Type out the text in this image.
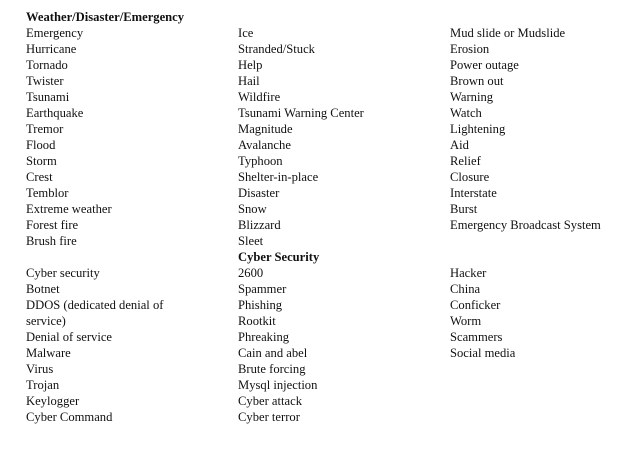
Weather/Disaster/Emergency
Emergency
Hurricane
Tornado
Twister
Tsunami
Earthquake
Tremor
Flood
Storm
Crest
Temblor
Extreme weather
Forest fire
Brush fire
Ice
Stranded/Stuck
Help
Hail
Wildfire
Tsunami Warning Center
Magnitude
Avalanche
Typhoon
Shelter-in-place
Disaster
Snow
Blizzard
Sleet
Mud slide or Mudslide
Erosion
Power outage
Brown out
Warning
Watch
Lightening
Aid
Relief
Closure
Interstate
Burst
Emergency Broadcast System
Cyber Security
Cyber security
Botnet
DDOS (dedicated denial of
service)
Denial of service
Malware
Virus
Trojan
Keylogger
Cyber Command
2600
Spammer
Phishing
Rootkit
Phreaking
Cain and abel
Brute forcing
Mysql injection
Cyber attack
Cyber terror
Hacker
China
Conficker
Worm
Scammers
Social media
